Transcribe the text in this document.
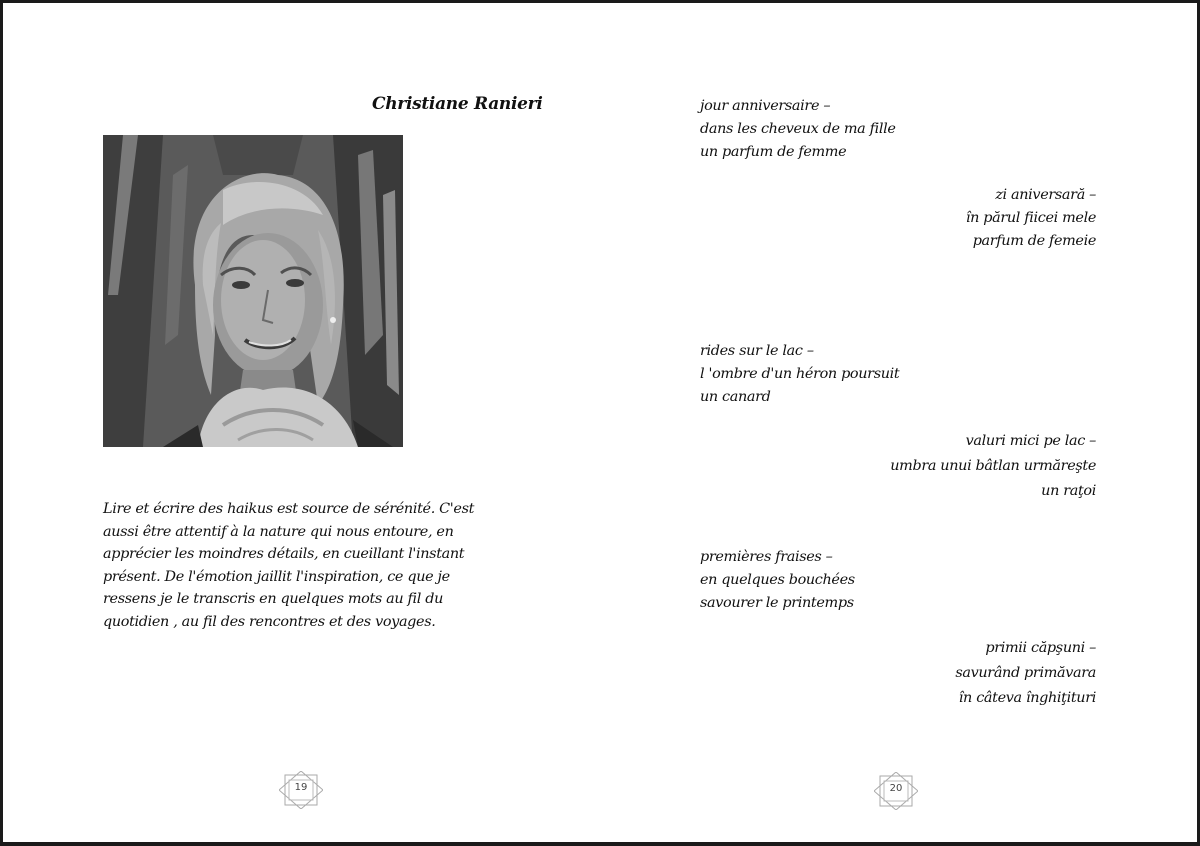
Christiane Ranieri
Lire et écrire des haikus est source de sérénité. C'est
aussi être attentif à la nature qui nous entoure, en
apprécier les moindres détails, en cueillant l'instant
présent. De l'émotion jaillit l'inspiration, ce que je
ressens je le transcris en quelques mots au fil du
quotidien , au fil des rencontres et des voyages.
19	20
jour anniversaire –
dans les cheveux de ma fille
un parfum de femme
zi aniversară –
în părul fiicei mele
parfum de femeie
rides sur le lac –
l 'ombre d'un héron poursuit
un canard
valuri mici pe lac –
umbra unui bâtlan urmăreşte
un raţoi
premières fraises –
en quelques bouchées
savourer le printemps
primii căpşuni –
savurând primăvara
în câteva înghiţituri
